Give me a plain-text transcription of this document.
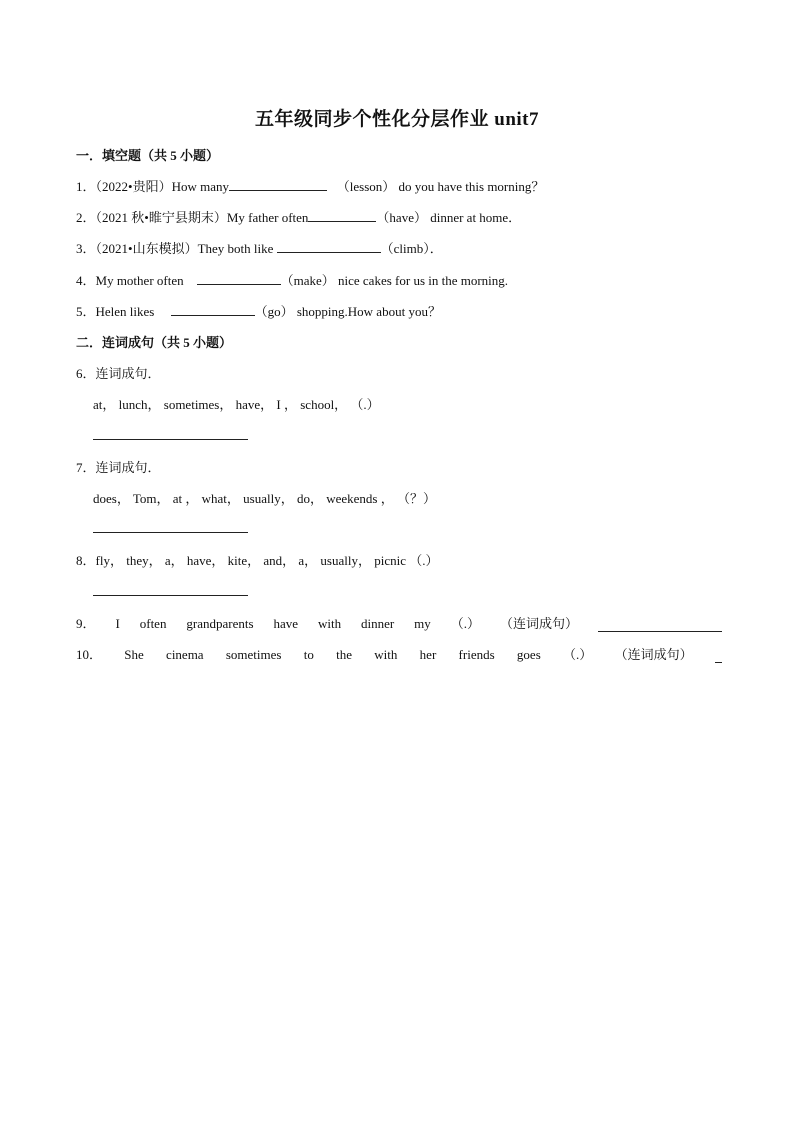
五年级同步个性化分层作业 unit7
一．填空题（共 5 小题）
1．（2022•贵阳）How many	（lesson） do you have this morning？
2．（2021 秋•睢宁县期末）My father often	（have） dinner at home．
3．（2021•山东模拟）They both like	（climb）．
4．My mother often	（make） nice cakes for us in the morning.
5．Helen likes	（go） shopping.How about you？
二．连词成句（共 5 小题）
6．连词成句．
at， lunch， sometimes， have， I ， school， （.）
7．连词成句．
does， Tom， at ， what， usually， do， weekends ， （？）
8．fly， they， a， have， kite， and， a， usually， picnic （.）
9． I often grandparents have with dinner my （.） （连词成句）
10． She cinema sometimes to the with her friends goes （.） （连词成句）
